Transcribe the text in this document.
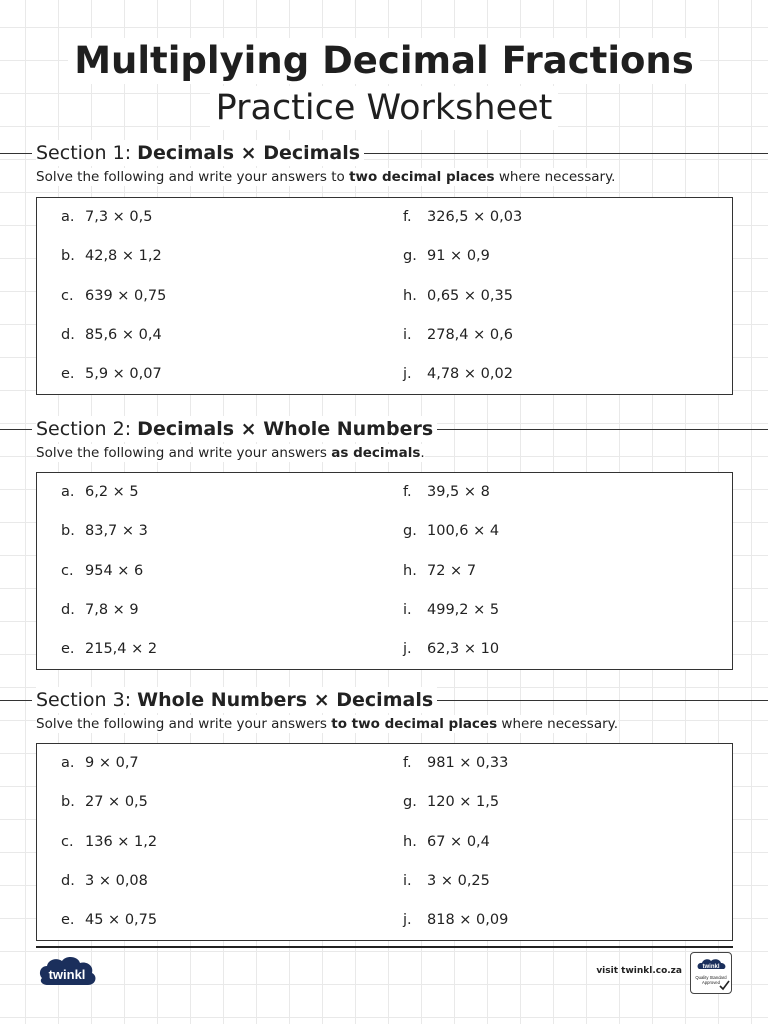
Multiplying Decimal Fractions
Practice Worksheet
Section 1: Decimals × Decimals
Solve the following and write your answers to two decimal places where necessary.
a. 7,3 × 0,5
b. 42,8 × 1,2
c. 639 × 0,75
d. 85,6 × 0,4
e. 5,9 × 0,07
f. 326,5 × 0,03
g. 91 × 0,9
h. 0,65 × 0,35
i. 278,4 × 0,6
j. 4,78 × 0,02
Section 2: Decimals × Whole Numbers
Solve the following and write your answers as decimals.
a. 6,2 × 5
b. 83,7 × 3
c. 954 × 6
d. 7,8 × 9
e. 215,4 × 2
f. 39,5 × 8
g. 100,6 × 4
h. 72 × 7
i. 499,2 × 5
j. 62,3 × 10
Section 3: Whole Numbers × Decimals
Solve the following and write your answers to two decimal places where necessary.
a. 9 × 0,7
b. 27 × 0,5
c. 136 × 1,2
d. 3 × 0,08
e. 45 × 0,75
f. 981 × 0,33
g. 120 × 1,5
h. 67 × 0,4
i. 3 × 0,25
j. 818 × 0,09
twinkl	visit twinkl.co.za	twinkl
Quality Standard
Approved
